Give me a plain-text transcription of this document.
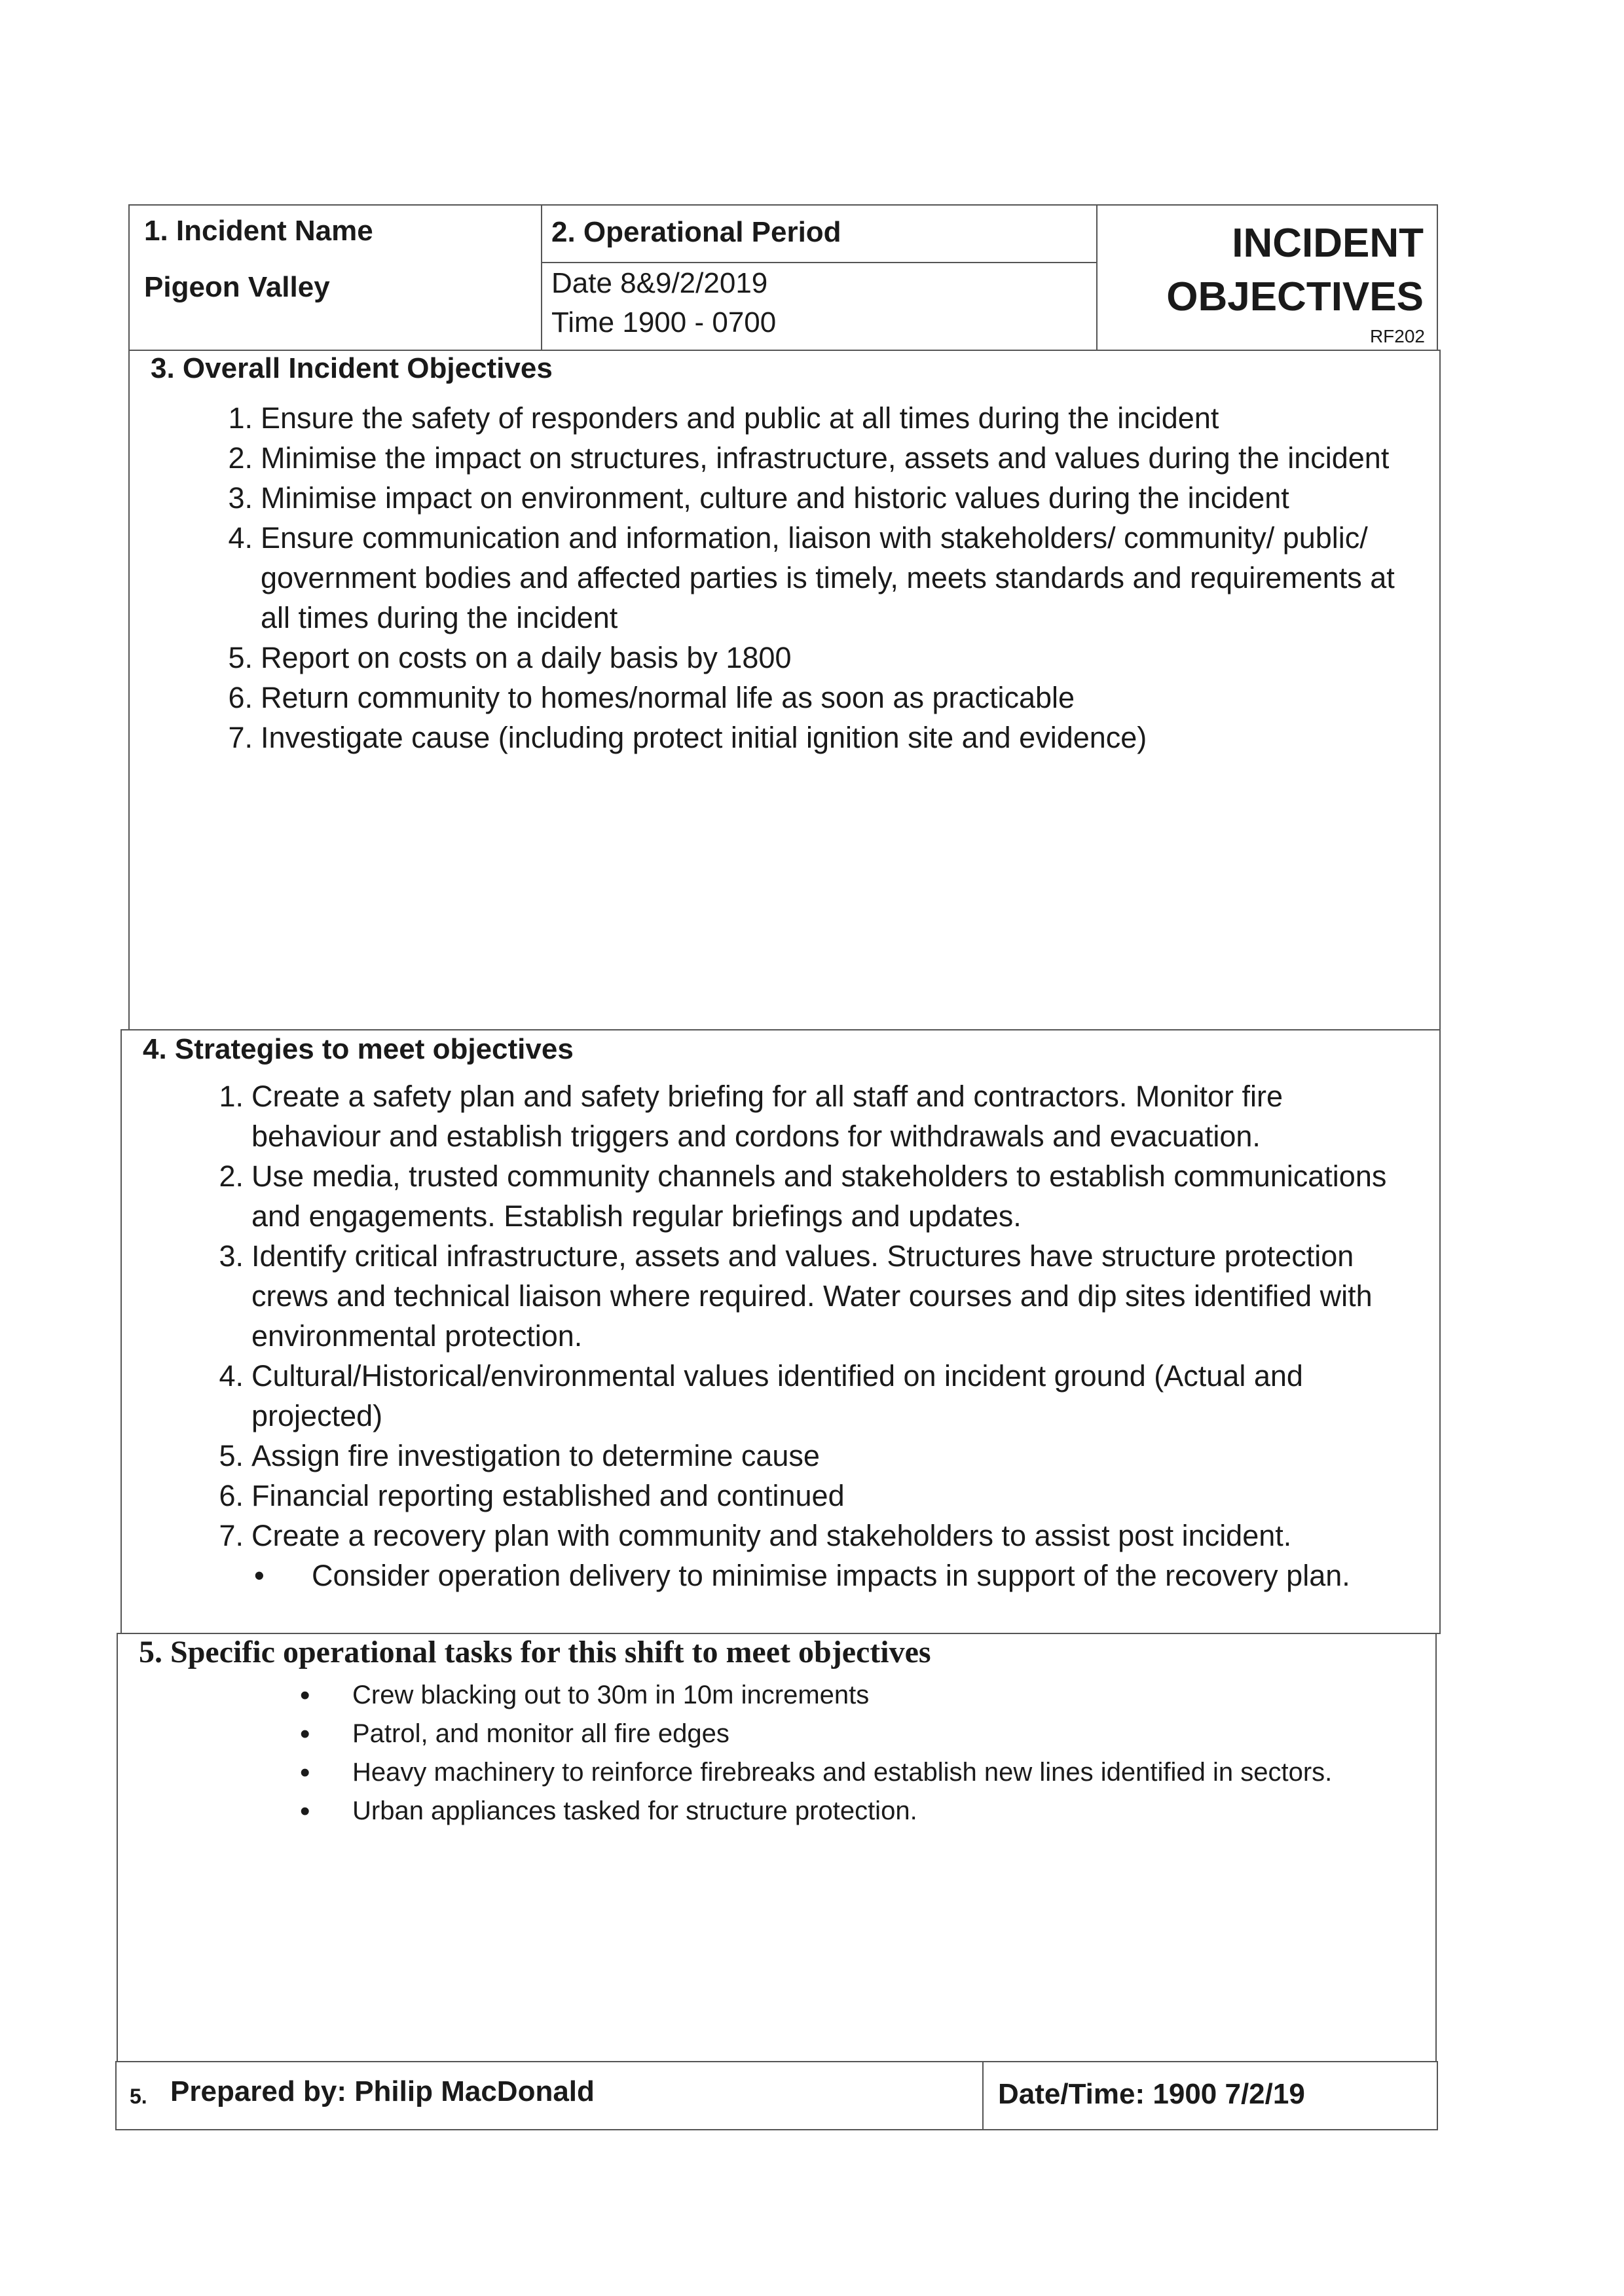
1. Incident Name
Pigeon Valley
2. Operational Period
Date 8&9/2/2019
Time 1900 - 0700
INCIDENT
OBJECTIVES
RF202
3. Overall Incident Objectives
1. Ensure the safety of responders and public at all times during the incident
2. Minimise the impact on structures, infrastructure, assets and values during the incident
3. Minimise impact on environment, culture and historic values during the incident
4. Ensure communication and information, liaison with stakeholders/ community/ public/ government bodies and affected parties is timely, meets standards and requirements at all times during the incident
5. Report on costs on a daily basis by 1800
6. Return community to homes/normal life as soon as practicable
7. Investigate cause (including protect initial ignition site and evidence)
4. Strategies to meet objectives
1. Create a safety plan and safety briefing for all staff and contractors. Monitor fire behaviour and establish triggers and cordons for withdrawals and evacuation.
2. Use media, trusted community channels and stakeholders to establish communications and engagements. Establish regular briefings and updates.
3. Identify critical infrastructure, assets and values. Structures have structure protection crews and technical liaison where required. Water courses and dip sites identified with environmental protection.
4. Cultural/Historical/environmental values identified on incident ground (Actual and projected)
5. Assign fire investigation to determine cause
6. Financial reporting established and continued
7. Create a recovery plan with community and stakeholders to assist post incident.
• Consider operation delivery to minimise impacts in support of the recovery plan.
5. Specific operational tasks for this shift to meet objectives
• Crew blacking out to 30m in 10m increments
• Patrol, and monitor all fire edges
• Heavy machinery to reinforce firebreaks and establish new lines identified in sectors.
• Urban appliances tasked for structure protection.
5. Prepared by: Philip MacDonald	Date/Time: 1900 7/2/19
